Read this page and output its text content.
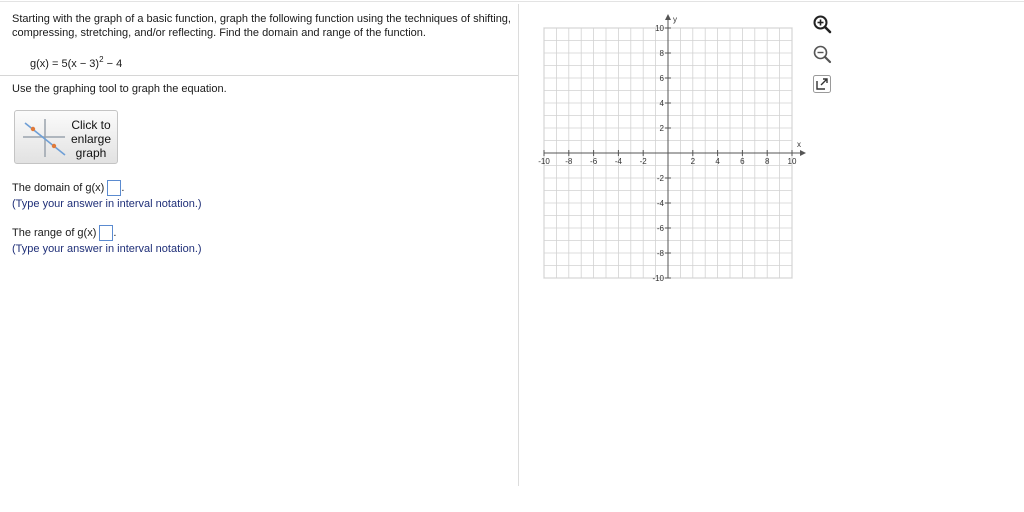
Starting with the graph of a basic function, graph the following function using the techniques of shifting, compressing, stretching, and/or reflecting. Find the domain and range of the function.
$g(x) = 5(x - 3)^2 - 4$
Use the graphing tool to graph the equation.
Click to enlarge graph
The domain of g(x) .
(Type your answer in interval notation.)
The range of g(x) .
(Type your answer in interval notation.)
x
y
-10 -8 -6 -4 -2	2	4	6	8 10
10
8
6
4
2
-2
-4
-6
-8
-10
